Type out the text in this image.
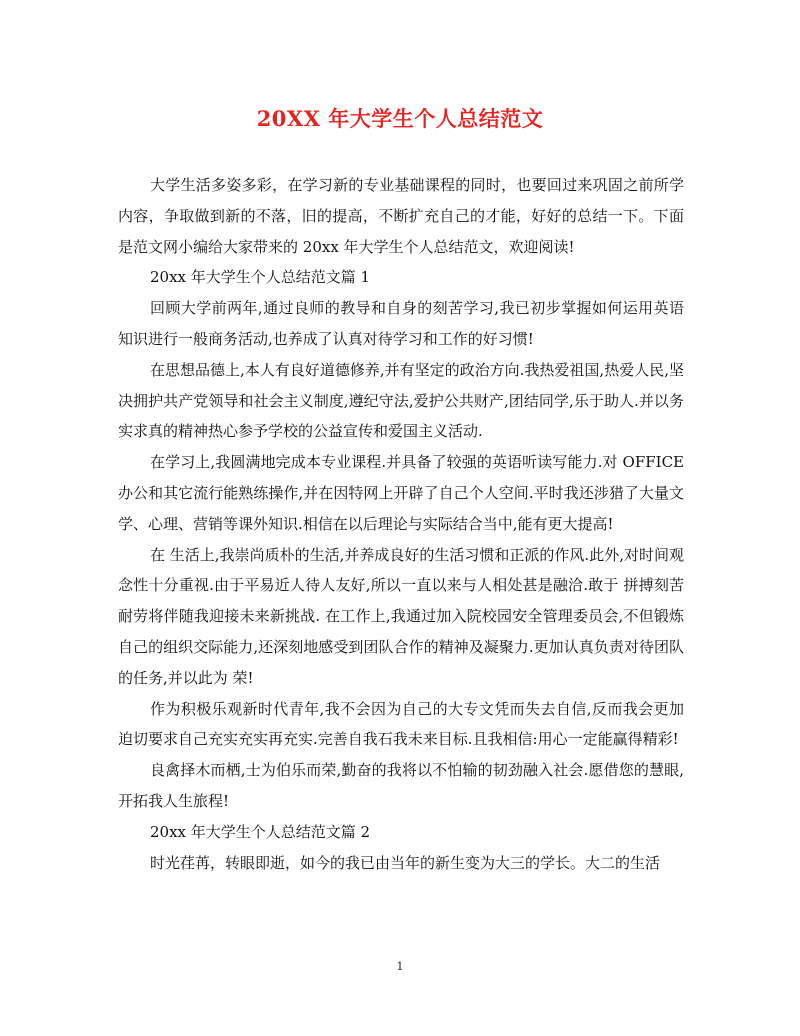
20XX 年大学生个人总结范文

大学生活多姿多彩，在学习新的专业基础课程的同时，也要回过来巩固之前所学内容，争取做到新的不落，旧的提高，不断扩充自己的才能，好好的总结一下。下面是范文网小编给大家带来的 20xx 年大学生个人总结范文，欢迎阅读!

20xx 年大学生个人总结范文篇 1

回顾大学前两年,通过良师的教导和自身的刻苦学习,我已初步掌握如何运用英语知识进行一般商务活动,也养成了认真对待学习和工作的好习惯!

在思想品德上,本人有良好道德修养,并有坚定的政治方向.我热爱祖国,热爱人民,坚决拥护共产党领导和社会主义制度,遵纪守法,爱护公共财产,团结同学,乐于助人.并以务实求真的精神热心参予学校的公益宣传和爱国主义活动.

在学习上,我圆满地完成本专业课程.并具备了较强的英语听读写能力.对 OFFICE 办公和其它流行能熟练操作,并在因特网上开辟了自己个人空间.平时我还涉猎了大量文学、心理、营销等课外知识.相信在以后理论与实际结合当中,能有更大提高!

在 生活上,我崇尚质朴的生活,并养成良好的生活习惯和正派的作风.此外,对时间观念性十分重视.由于平易近人待人友好,所以一直以来与人相处甚是融洽.敢于 拼搏刻苦耐劳将伴随我迎接未来新挑战. 在工作上,我通过加入院校园安全管理委员会,不但锻炼自己的组织交际能力,还深刻地感受到团队合作的精神及凝聚力.更加认真负责对待团队的任务,并以此为 荣!

作为积极乐观新时代青年,我不会因为自己的大专文凭而失去自信,反而我会更加迫切要求自己充实充实再充实.完善自我石我未来目标.且我相信:用心一定能赢得精彩!

良禽择木而栖,士为伯乐而荣,勤奋的我将以不怕输的韧劲融入社会.愿借您的慧眼,开拓我人生旅程!

20xx 年大学生个人总结范文篇 2

时光荏苒，转眼即逝，如今的我已由当年的新生变为大三的学长。大二的生活

1
